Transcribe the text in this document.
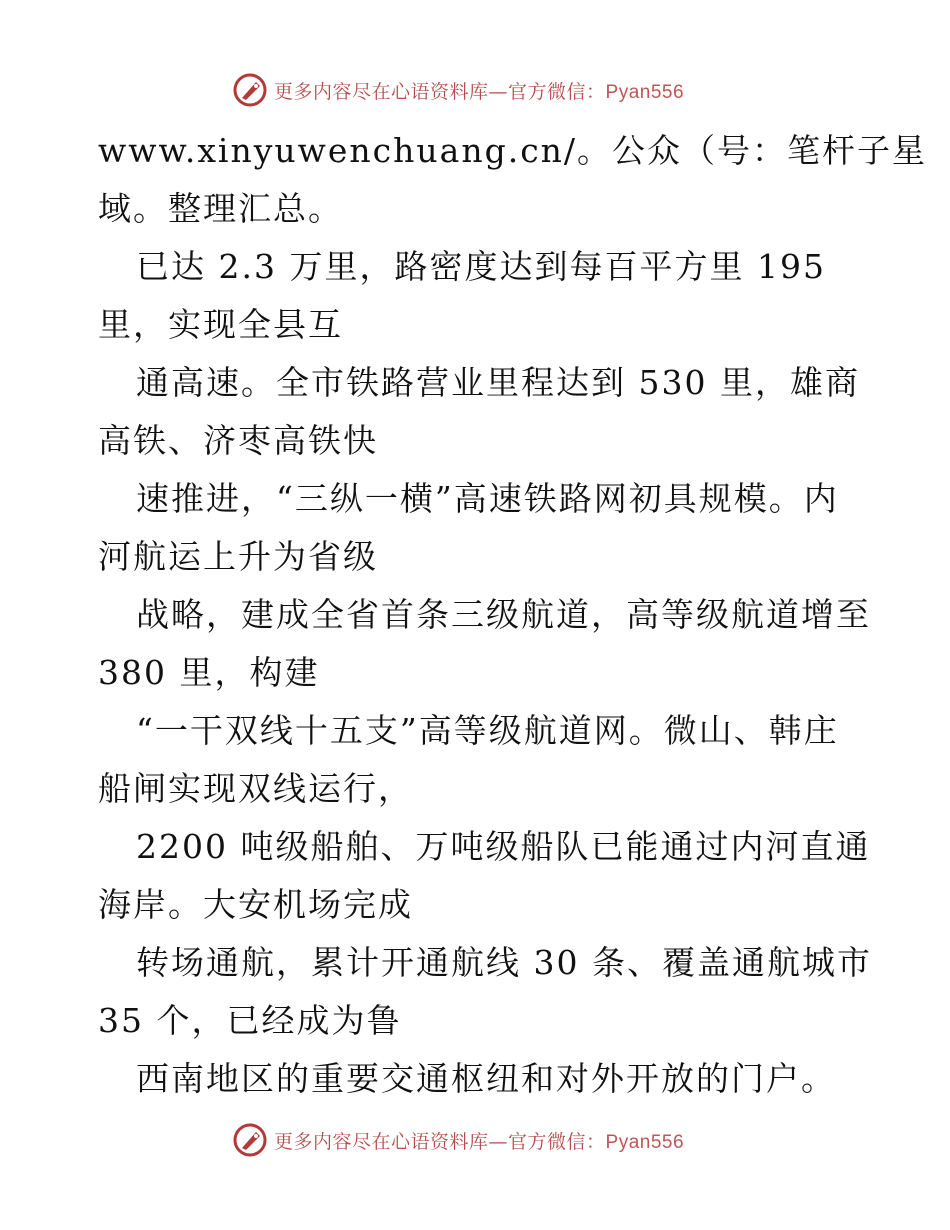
更多内容尽在心语资料库—官方微信：Pyan556
www.xinyuwenchuang.cn/。公众（号：笔杆子星
域。整理汇总。
已达 2.3 万里，路密度达到每百平方里 195
里，实现全县互
通高速。全市铁路营业里程达到 530 里，雄商
高铁、济枣高铁快
速推进，“三纵一横”高速铁路网初具规模。内
河航运上升为省级
战略，建成全省首条三级航道，高等级航道增至
380 里，构建
“一干双线十五支”高等级航道网。微山、韩庄
船闸实现双线运行，
2200 吨级船舶、万吨级船队已能通过内河直通
海岸。大安机场完成
转场通航，累计开通航线 30 条、覆盖通航城市
35 个，已经成为鲁
西南地区的重要交通枢纽和对外开放的门户。
更多内容尽在心语资料库—官方微信：Pyan556
